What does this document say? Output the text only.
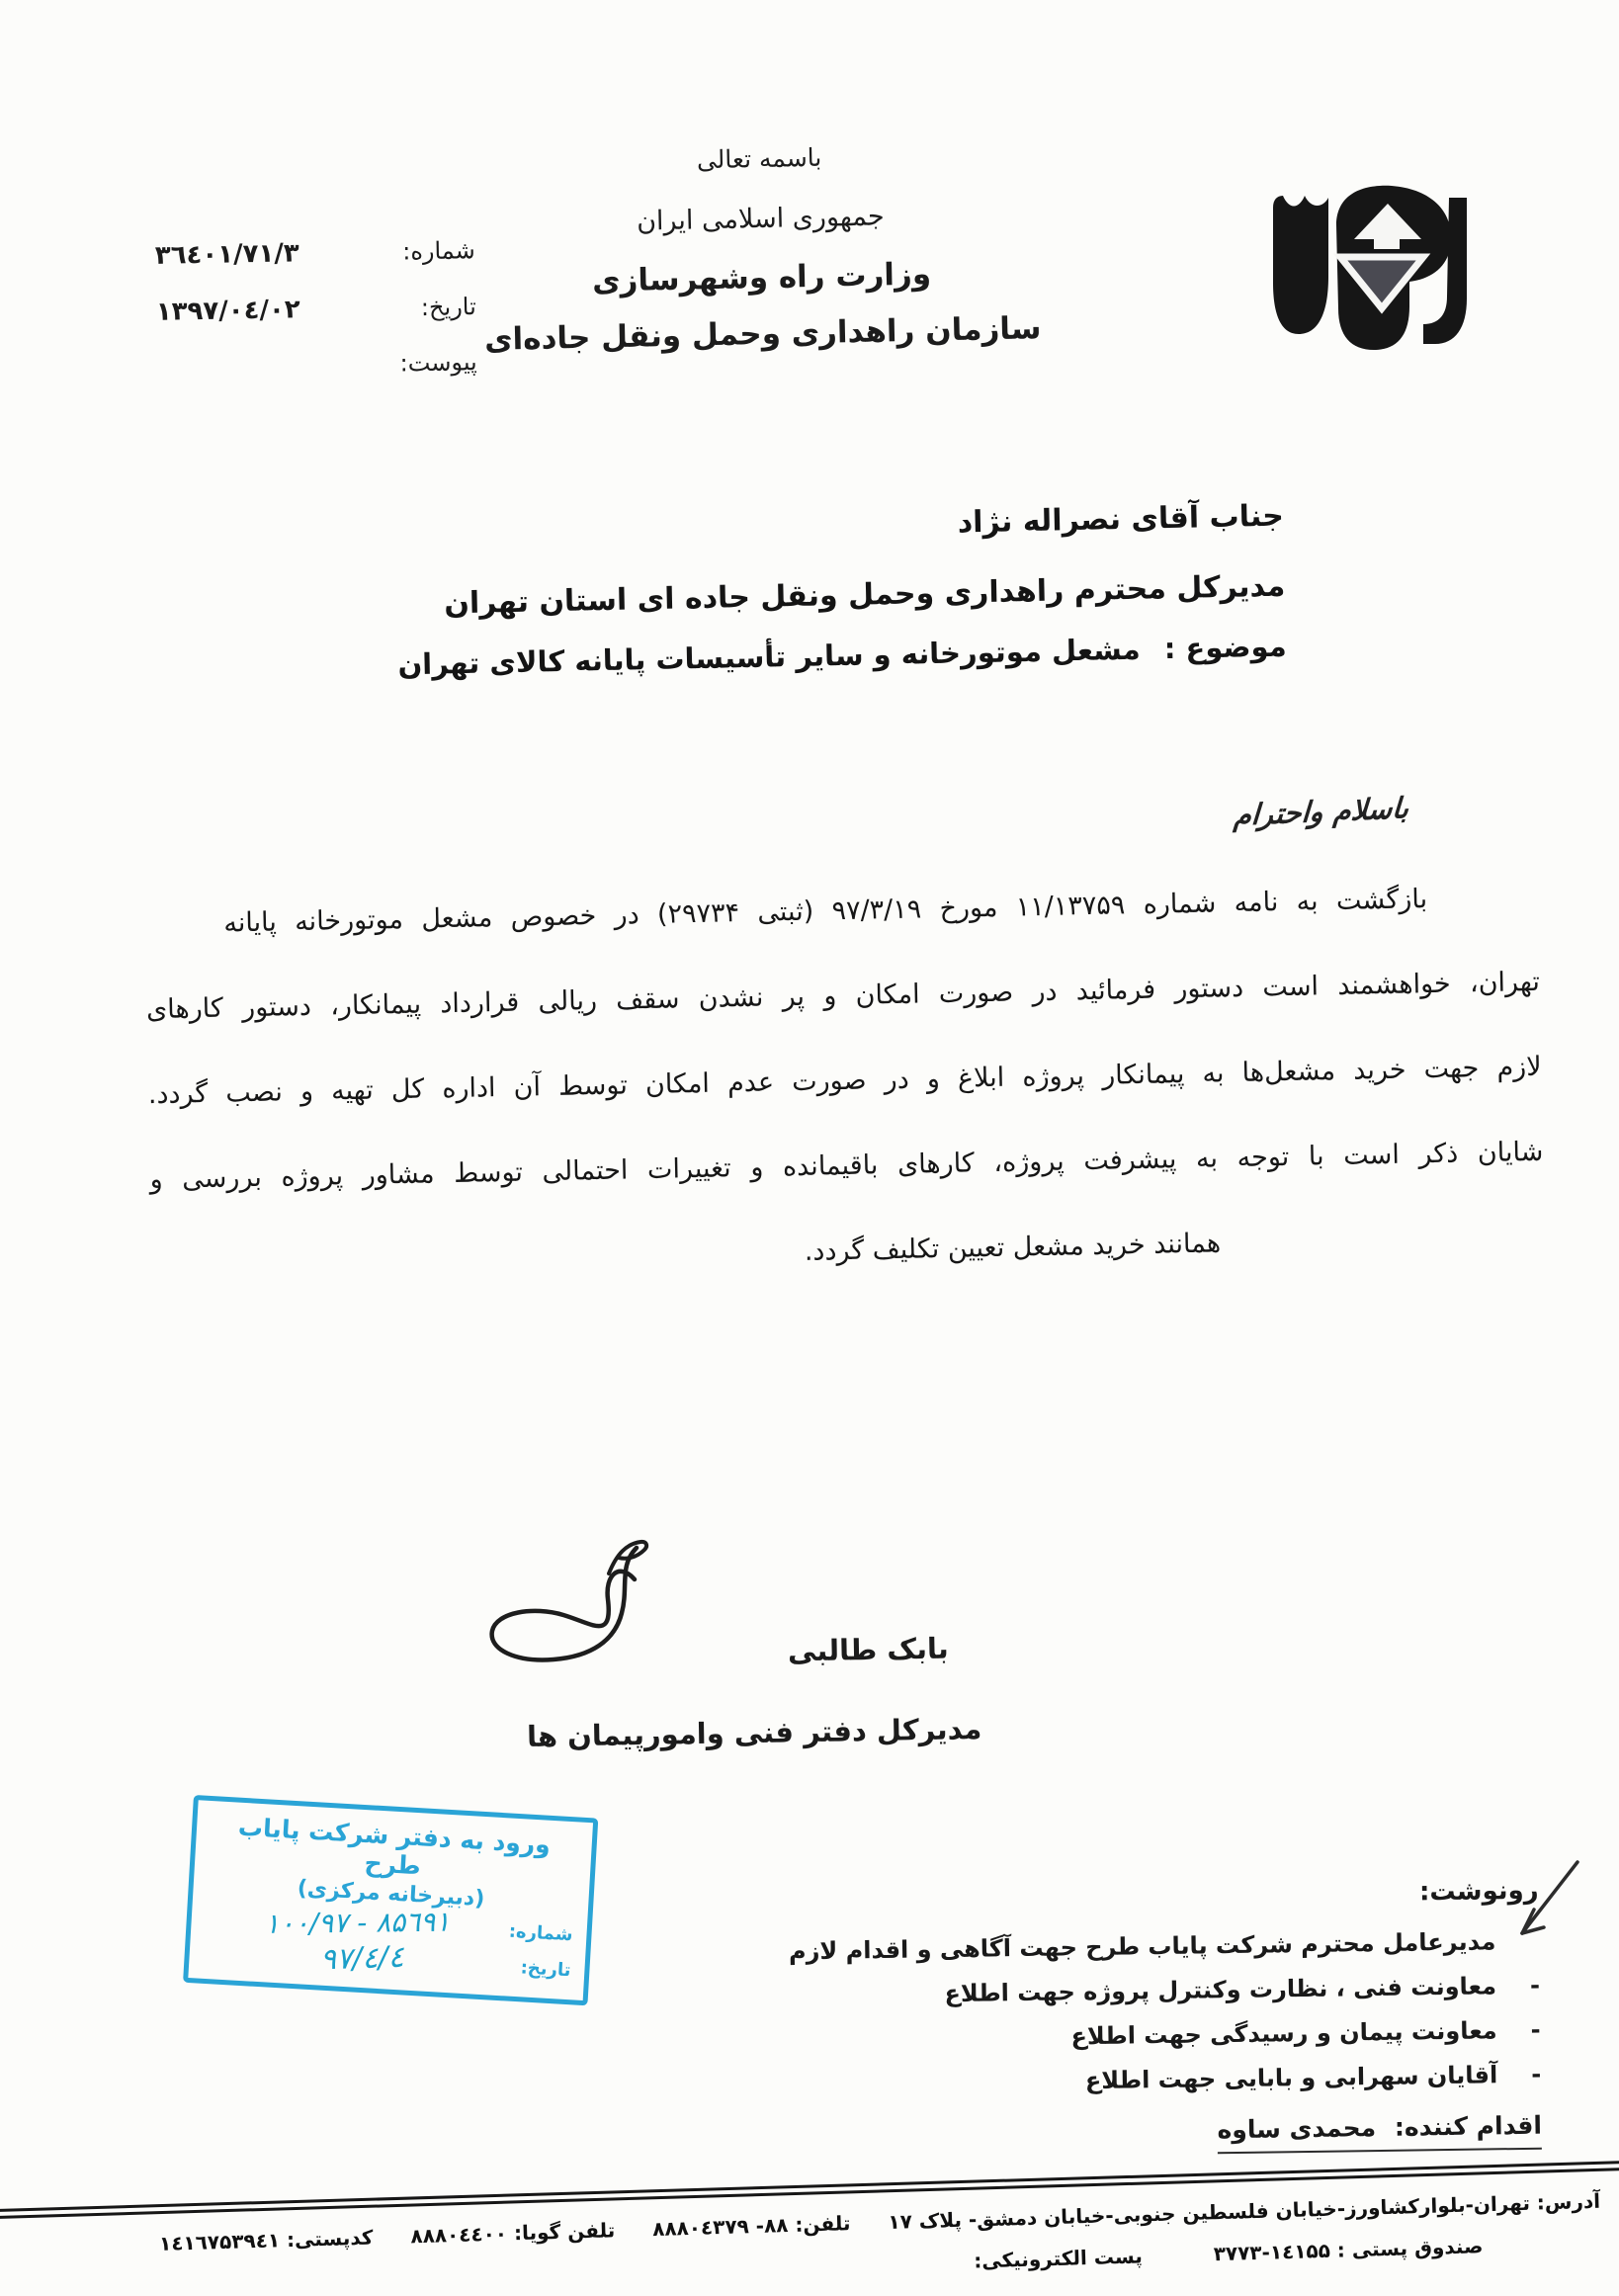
باسمه تعالی
جمهوری اسلامی ایران
وزارت راه وشهرسازی
سازمان راهداری وحمل ونقل جاده‌ای
شماره:
٣٦٤٠١/٧١/٣
تاریخ:
١٣٩٧/٠٤/٠٢
پیوست:
جناب آقای نصراله نژاد
مدیرکل محترم راهداری وحمل ونقل جاده ای استان تهران
موضوع : مشعل موتورخانه و سایر تأسیسات پایانه کالای تهران
باسلام واحترام
بازگشت به نامه شماره ۱۱/۱۳۷۵۹ مورخ ۹۷/۳/۱۹ (ثبتی ۲۹۷۳۴) در خصوص مشعل موتورخانه پایانه
تهران، خواهشمند است دستور فرمائید در صورت امکان و پر نشدن سقف ریالی قرارداد پیمانکار، دستور کارهای
لازم جهت خرید مشعل‌ها به پیمانکار پروژه ابلاغ و در صورت عدم امکان توسط آن اداره کل تهیه و نصب گردد.
شایان ذکر است با توجه به پیشرفت پروژه، کارهای باقیمانده و تغییرات احتمالی توسط مشاور پروژه بررسی و
همانند خرید مشعل تعیین تکلیف گردد.
بابک طالبی
مدیرکل دفتر فنی وامورپیمان ها
ورود به دفتر شرکت پایاب طرح
(دبیرخانه مرکزی)
شماره:
۱۰۰/۹۷ - ۸۵٦۹۱
تاریخ:
۹۷/٤/٤
رونوشت:
مدیرعامل محترم شرکت پایاب طرح جهت آگاهی و اقدام لازم
-
معاونت فنی ، نظارت وکنترل پروژه جهت اطلاع
-
معاونت پیمان و رسیدگی جهت اطلاع
-
آقایان سهرابی و بابایی جهت اطلاع
اقدام کننده: محمدی ساوه
آدرس: تهران-بلوارکشاورز-خیابان فلسطین جنوبی-خیابان دمشق- پلاک ۱۷
تلفن: ۸۸- ۸۸۸۰٤۳۷۹
تلفن گویا: ۸۸۸۰٤٤۰۰
کدپستی: ۱٤۱٦۷۵۳۹٤۱
صندوق پستی : ۱٤۱۵۵-۳۷۷۳
پست الکترونیکی:
